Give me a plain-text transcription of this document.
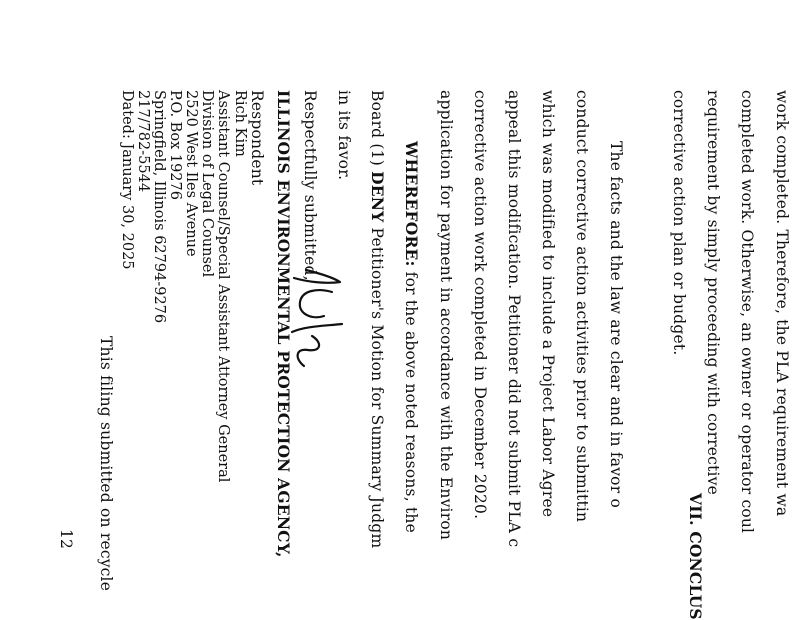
work completed. Therefore, the PLA requirement wa
completed work. Otherwise, an owner or operator coul
requirement by simply proceeding with corrective
corrective action plan or budget.
VII. CONCLUS
The facts and the law are clear and in favor o
conduct corrective action activities prior to submittin
which was modified to include a Project Labor Agree
appeal this modification. Petitioner did not submit PLA c
corrective action work completed in December 2020.
application for payment in accordance with the Environ
WHEREFORE: for the above noted reasons, the
Board (1) DENY Petitioner's Motion for Summary Judgm
in its favor.
Respectfully submitted,
ILLINOIS ENVIRONMENTAL PROTECTION AGENCY,
Respondent
Rich Kim
Assistant Counsel/Special Assistant Attorney General
Division of Legal Counsel
2520 West Iles Avenue
P.O. Box 19276
Springfield, Illinois 62794-9276
217/782-5544
Dated: January 30, 2025
This filing submitted on recycle
12
